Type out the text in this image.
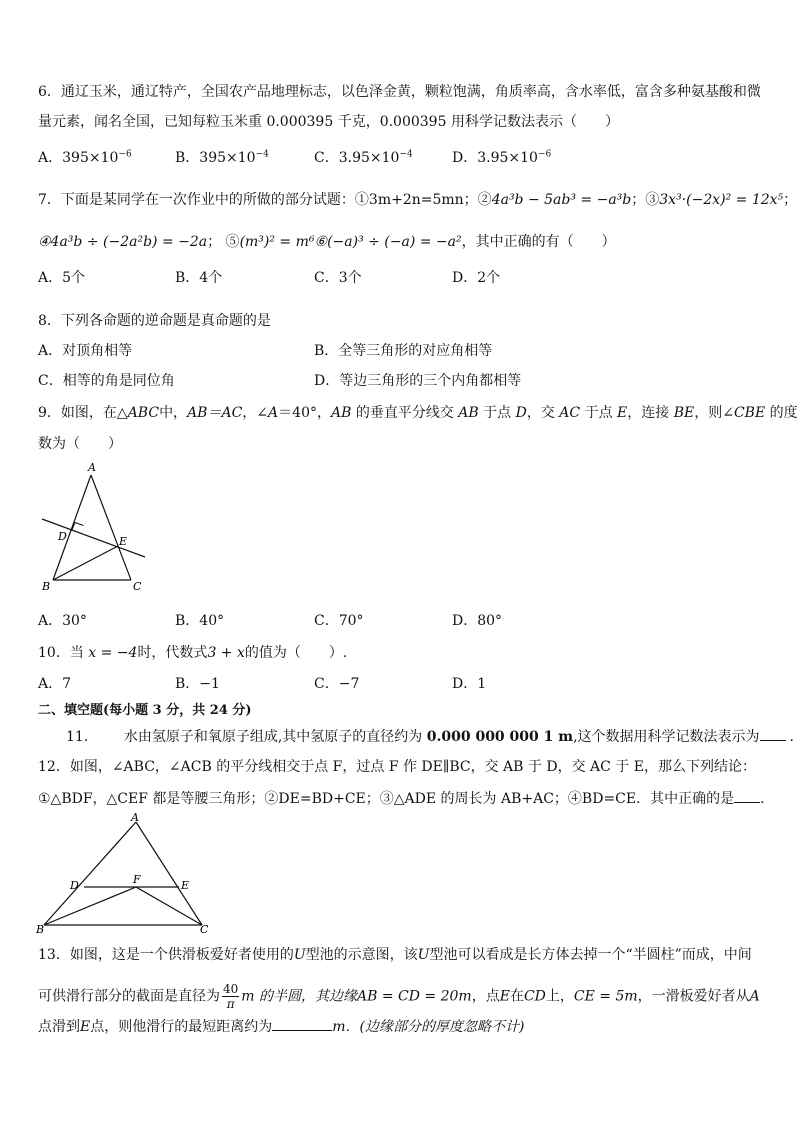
6．通辽玉米，通辽特产，全国农产品地理标志，以色泽金黄，颗粒饱满，角质率高，含水率低，富含多种氨基酸和微
量元素，闻名全国，已知每粒玉米重 0.000395 千克，0.000395 用科学记数法表示（　　）
A．$395\times 10^{-6}$	B．$395\times 10^{-4}$	C．$3.95\times 10^{-4}$	D．$3.95\times 10^{-6}$
7．下面是某同学在一次作业中的所做的部分试题：①3m+2n=5mn；②4a³b − 5ab³ = −a³b；③3x³·(−2x)² = 12x⁵；
④4a³b ÷ (−2a²b) = −2a； ⑤(m³)² = m⁶⑥(−a)³ ÷ (−a) = −a²，其中正确的有（　　）
A．5个	B．4个	C．3个	D．2个
8．下列各命题的逆命题是真命题的是
A．对顶角相等	B．全等三角形的对应角相等
C．相等的角是同位角	D．等边三角形的三个内角都相等
9．如图，在△ABC中，AB＝AC，∠A＝40°，AB 的垂直平分线交 AB 于点 D，交 AC 于点 E，连接 BE，则∠CBE 的度
数为（　　）
A
B	C
D	E
A．30°	B．40°	C．70°	D．80°
10．当 x = −4时，代数式3 + x的值为（　　）.
A．7	B．−1	C．−7	D．1
二、填空题(每小题 3 分，共 24 分)
11． 水由氢原子和氧原子组成,其中氢原子的直径约为 0.000 000 000 1 m,这个数据用科学记数法表示为 .
12．如图，∠ABC，∠ACB 的平分线相交于点 F，过点 F 作 DE∥BC，交 AB 于 D，交 AC 于 E，那么下列结论：
①△BDF，△CEF 都是等腰三角形；②DE=BD+CE；③△ADE 的周长为 AB+AC；④BD=CE．其中正确的是 ．
A
B	C
D	E
F
13．如图，这是一个供滑板爱好者使用的U型池的示意图，该U型池可以看成是长方体去掉一个“半圆柱”而成，中间
可供滑行部分的截面是直径为 $\frac{40}{\pi}$ m 的半圆，其边缘AB = CD = 20m，点E在CD上，CE = 5m，一滑板爱好者从A
点滑到E点，则他滑行的最短距离约为	m．(边缘部分的厚度忽略不计)
